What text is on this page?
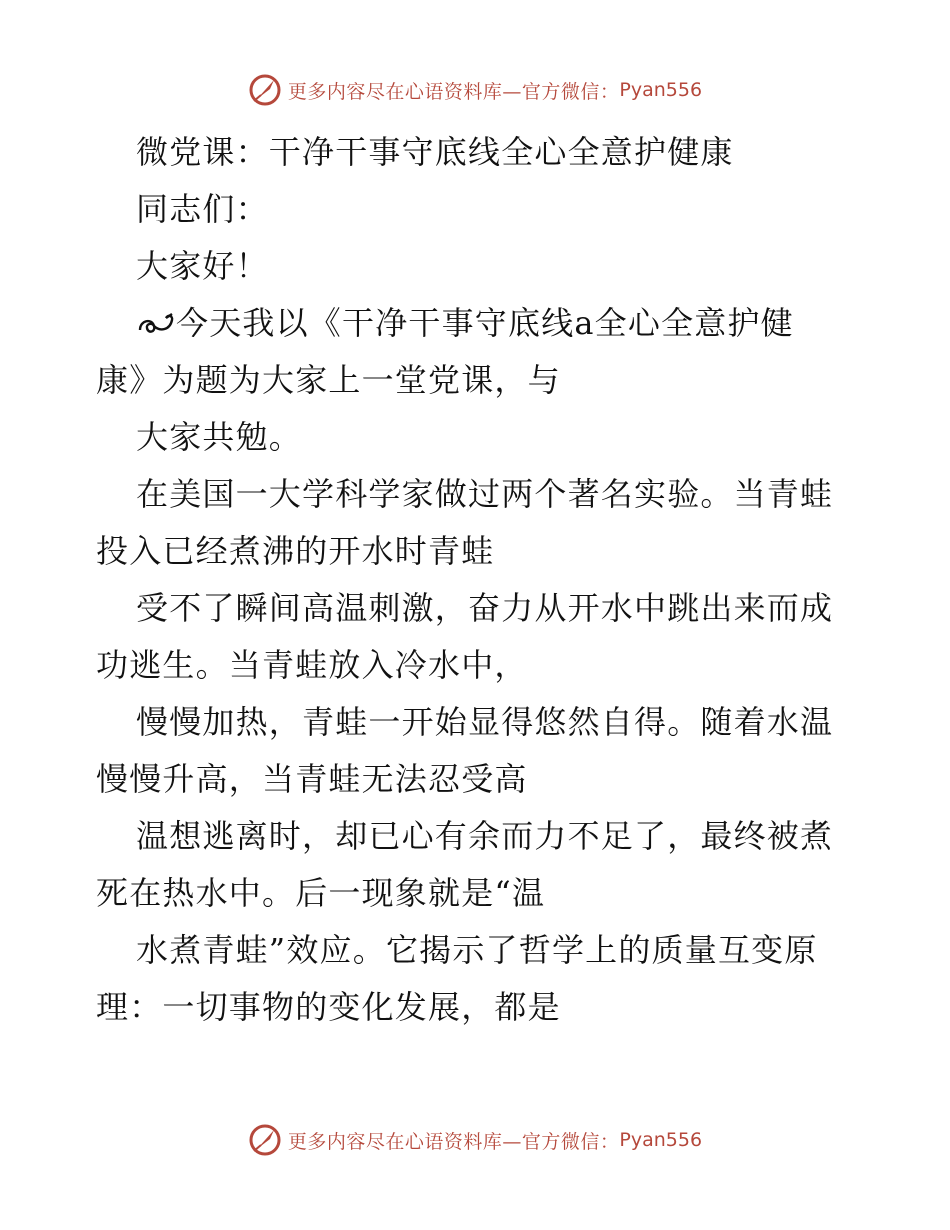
更多内容尽在心语资料库—官方微信： Pyan556
微党课：干净干事守底线全心全意护健康
同志们：
大家好！
今天我以《干净干事守底线a全心全意护健
康》为题为大家上一堂党课，与
大家共勉。
在美国一大学科学家做过两个著名实验。当青蛙
投入已经煮沸的开水时青蛙
受不了瞬间高温刺激，奋力从开水中跳出来而成
功逃生。当青蛙放入冷水中，
慢慢加热，青蛙一开始显得悠然自得。随着水温
慢慢升高，当青蛙无法忍受高
温想逃离时，却已心有余而力不足了，最终被煮
死在热水中。后一现象就是“温
水煮青蛙”效应。它揭示了哲学上的质量互变原
理：一切事物的变化发展，都是
更多内容尽在心语资料库—官方微信： Pyan556
